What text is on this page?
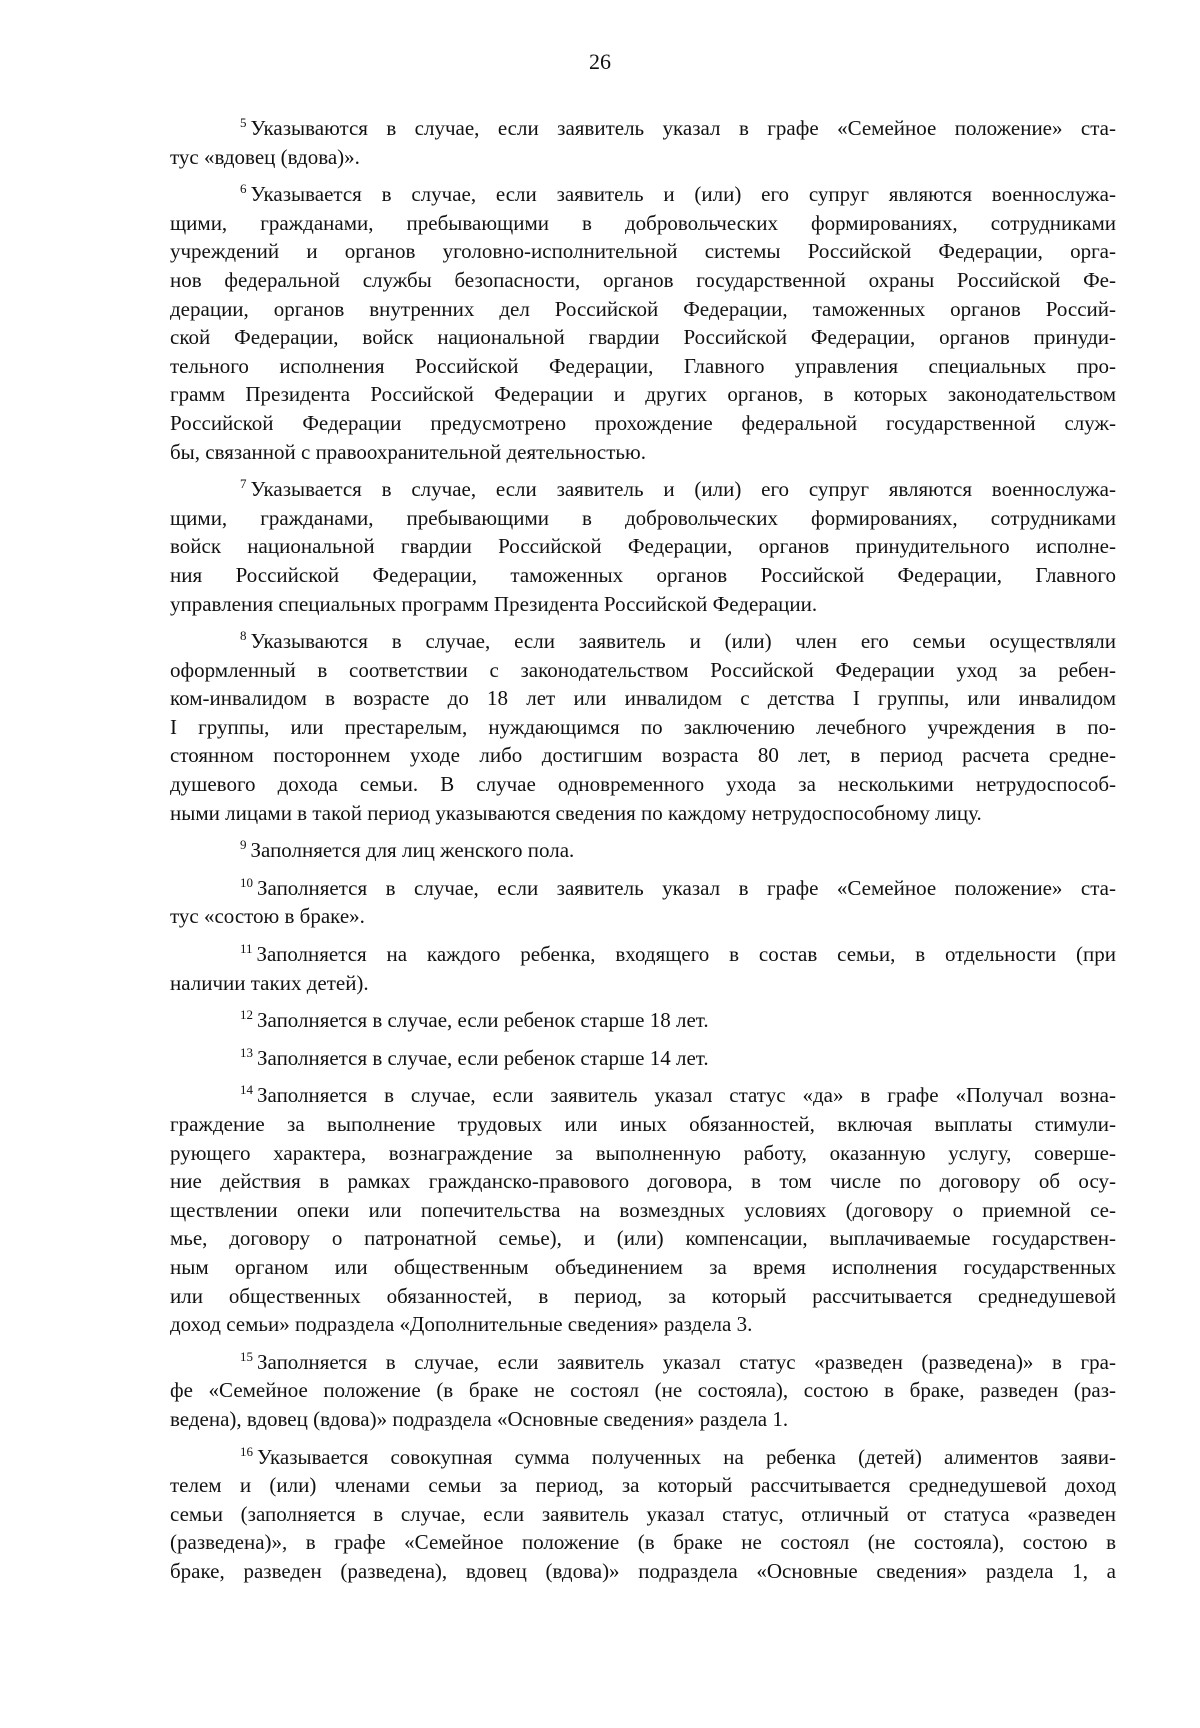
26
$^5$ Указываются в случае, если заявитель указал в графе «Семейное положение» ста-
тус «вдовец (вдова)».
$^6$ Указывается в случае, если заявитель и (или) его супруг являются военнослужа-
щими, гражданами, пребывающими в добровольческих формированиях, сотрудниками
учреждений и органов уголовно-исполнительной системы Российской Федерации, орга-
нов федеральной службы безопасности, органов государственной охраны Российской Фе-
дерации, органов внутренних дел Российской Федерации, таможенных органов Россий-
ской Федерации, войск национальной гвардии Российской Федерации, органов принуди-
тельного исполнения Российской Федерации, Главного управления специальных про-
грамм Президента Российской Федерации и других органов, в которых законодательством
Российской Федерации предусмотрено прохождение федеральной государственной служ-
бы, связанной с правоохранительной деятельностью.
$^7$ Указывается в случае, если заявитель и (или) его супруг являются военнослужа-
щими, гражданами, пребывающими в добровольческих формированиях, сотрудниками
войск национальной гвардии Российской Федерации, органов принудительного исполне-
ния Российской Федерации, таможенных органов Российской Федерации, Главного
управления специальных программ Президента Российской Федерации.
$^8$ Указываются в случае, если заявитель и (или) член его семьи осуществляли
оформленный в соответствии с законодательством Российской Федерации уход за ребен-
ком-инвалидом в возрасте до 18 лет или инвалидом с детства I группы, или инвалидом
I группы, или престарелым, нуждающимся по заключению лечебного учреждения в по-
стоянном постороннем уходе либо достигшим возраста 80 лет, в период расчета средне-
душевого дохода семьи. В случае одновременного ухода за несколькими нетрудоспособ-
ными лицами в такой период указываются сведения по каждому нетрудоспособному лицу.
$^9$ Заполняется для лиц женского пола.
$^{10}$ Заполняется в случае, если заявитель указал в графе «Семейное положение» ста-
тус «состою в браке».
$^{11}$ Заполняется на каждого ребенка, входящего в состав семьи, в отдельности (при
наличии таких детей).
$^{12}$ Заполняется в случае, если ребенок старше 18 лет.
$^{13}$ Заполняется в случае, если ребенок старше 14 лет.
$^{14}$ Заполняется в случае, если заявитель указал статус «да» в графе «Получал возна-
граждение за выполнение трудовых или иных обязанностей, включая выплаты стимули-
рующего характера, вознаграждение за выполненную работу, оказанную услугу, соверше-
ние действия в рамках гражданско-правового договора, в том числе по договору об осу-
ществлении опеки или попечительства на возмездных условиях (договору о приемной се-
мье, договору о патронатной семье), и (или) компенсации, выплачиваемые государствен-
ным органом или общественным объединением за время исполнения государственных
или общественных обязанностей, в период, за который рассчитывается среднедушевой
доход семьи» подраздела «Дополнительные сведения» раздела 3.
$^{15}$ Заполняется в случае, если заявитель указал статус «разведен (разведена)» в гра-
фе «Семейное положение (в браке не состоял (не состояла), состою в браке, разведен (раз-
ведена), вдовец (вдова)» подраздела «Основные сведения» раздела 1.
$^{16}$ Указывается совокупная сумма полученных на ребенка (детей) алиментов заяви-
телем и (или) членами семьи за период, за который рассчитывается среднедушевой доход
семьи (заполняется в случае, если заявитель указал статус, отличный от статуса «разведен
(разведена)», в графе «Семейное положение (в браке не состоял (не состояла), состою в
браке, разведен (разведена), вдовец (вдова)» подраздела «Основные сведения» раздела 1, а
